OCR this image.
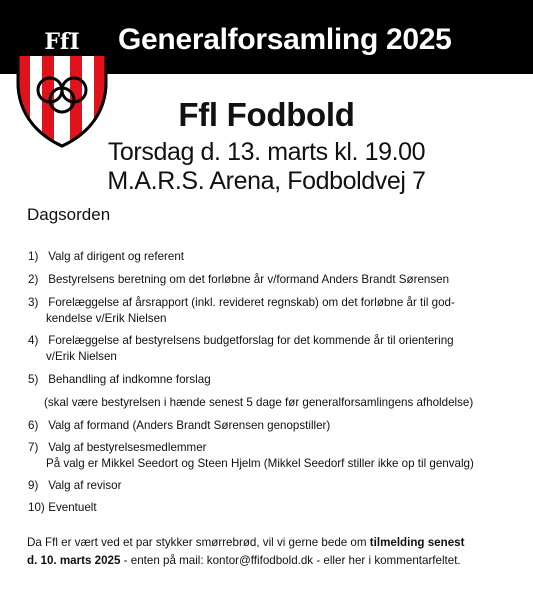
Generalforsamling 2025
FfI
Ffl Fodbold
Torsdag d. 13. marts kl. 19.00
M.A.R.S. Arena, Fodboldvej 7
Dagsorden
1) Valg af dirigent og referent
2) Bestyrelsens beretning om det forløbne år v/formand Anders Brandt Sørensen
3) Forelæggelse af årsrapport (inkl. revideret regnskab) om det forløbne år til god-
kendelse v/Erik Nielsen
4) Forelæggelse af bestyrelsens budgetforslag for det kommende år til orientering
v/Erik Nielsen
5) Behandling af indkomne forslag
(skal være bestyrelsen i hænde senest 5 dage før generalforsamlingens afholdelse)
6) Valg af formand (Anders Brandt Sørensen genopstiller)
7) Valg af bestyrelsesmedlemmer
På valg er Mikkel Seedort og Steen Hjelm (Mikkel Seedorf stiller ikke op til genvalg)
9) Valg af revisor
10) Eventuelt
Da Ffl er vært ved et par stykker smørrebrød, vil vi gerne bede om tilmelding senest
d. 10. marts 2025 - enten på mail: kontor@ffifodbold.dk - eller her i kommentarfeltet.
